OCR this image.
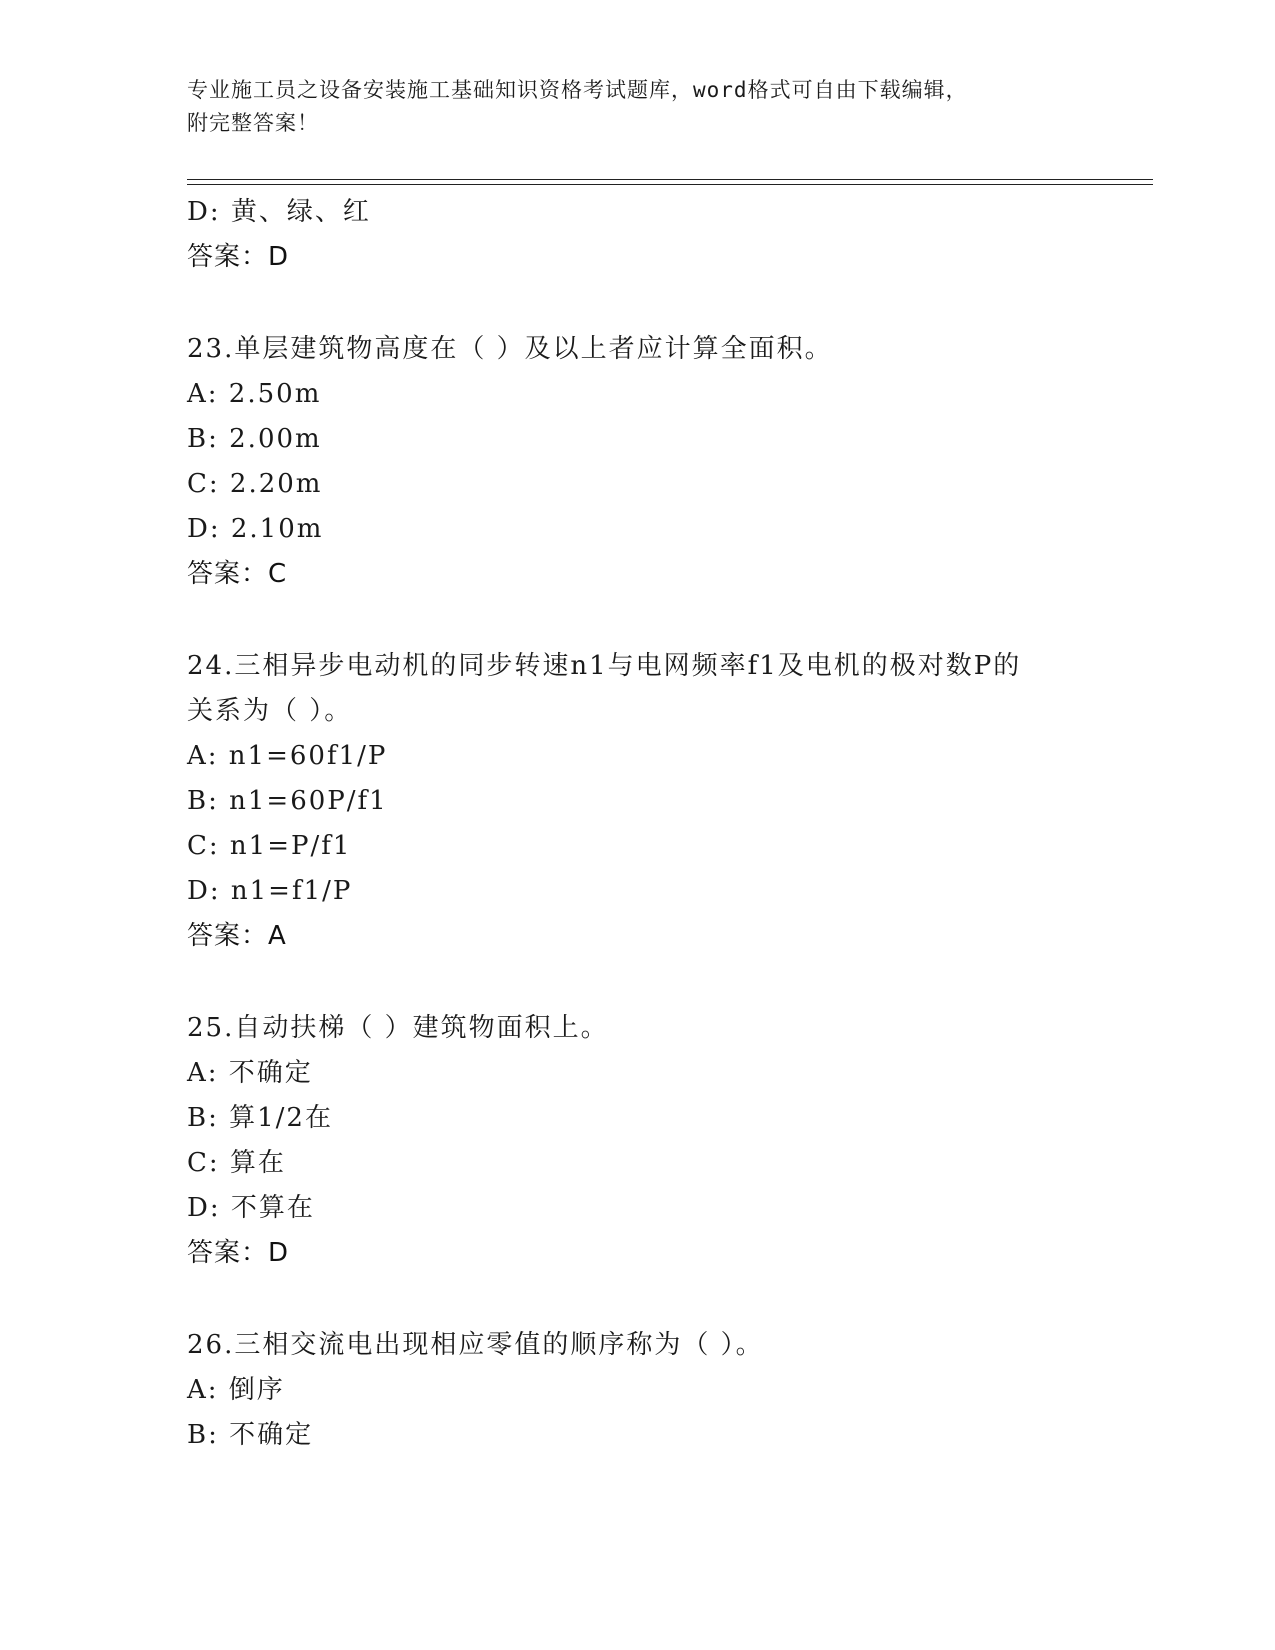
专业施工员之设备安装施工基础知识资格考试题库，word格式可自由下载编辑，
附完整答案！
D: 黄、绿、红
答案：D
23.单层建筑物高度在（ ）及以上者应计算全面积。
A: 2.50m
B: 2.00m
C: 2.20m
D: 2.10m
答案：C
24.三相异步电动机的同步转速n1与电网频率f1及电机的极对数P的
关系为（ ）。
A: n1=60f1/P
B: n1=60P/f1
C: n1=P/f1
D: n1=f1/P
答案：A
25.自动扶梯（ ）建筑物面积上。
A: 不确定
B: 算1/2在
C: 算在
D: 不算在
答案：D
26.三相交流电出现相应零值的顺序称为（ ）。
A: 倒序
B: 不确定
